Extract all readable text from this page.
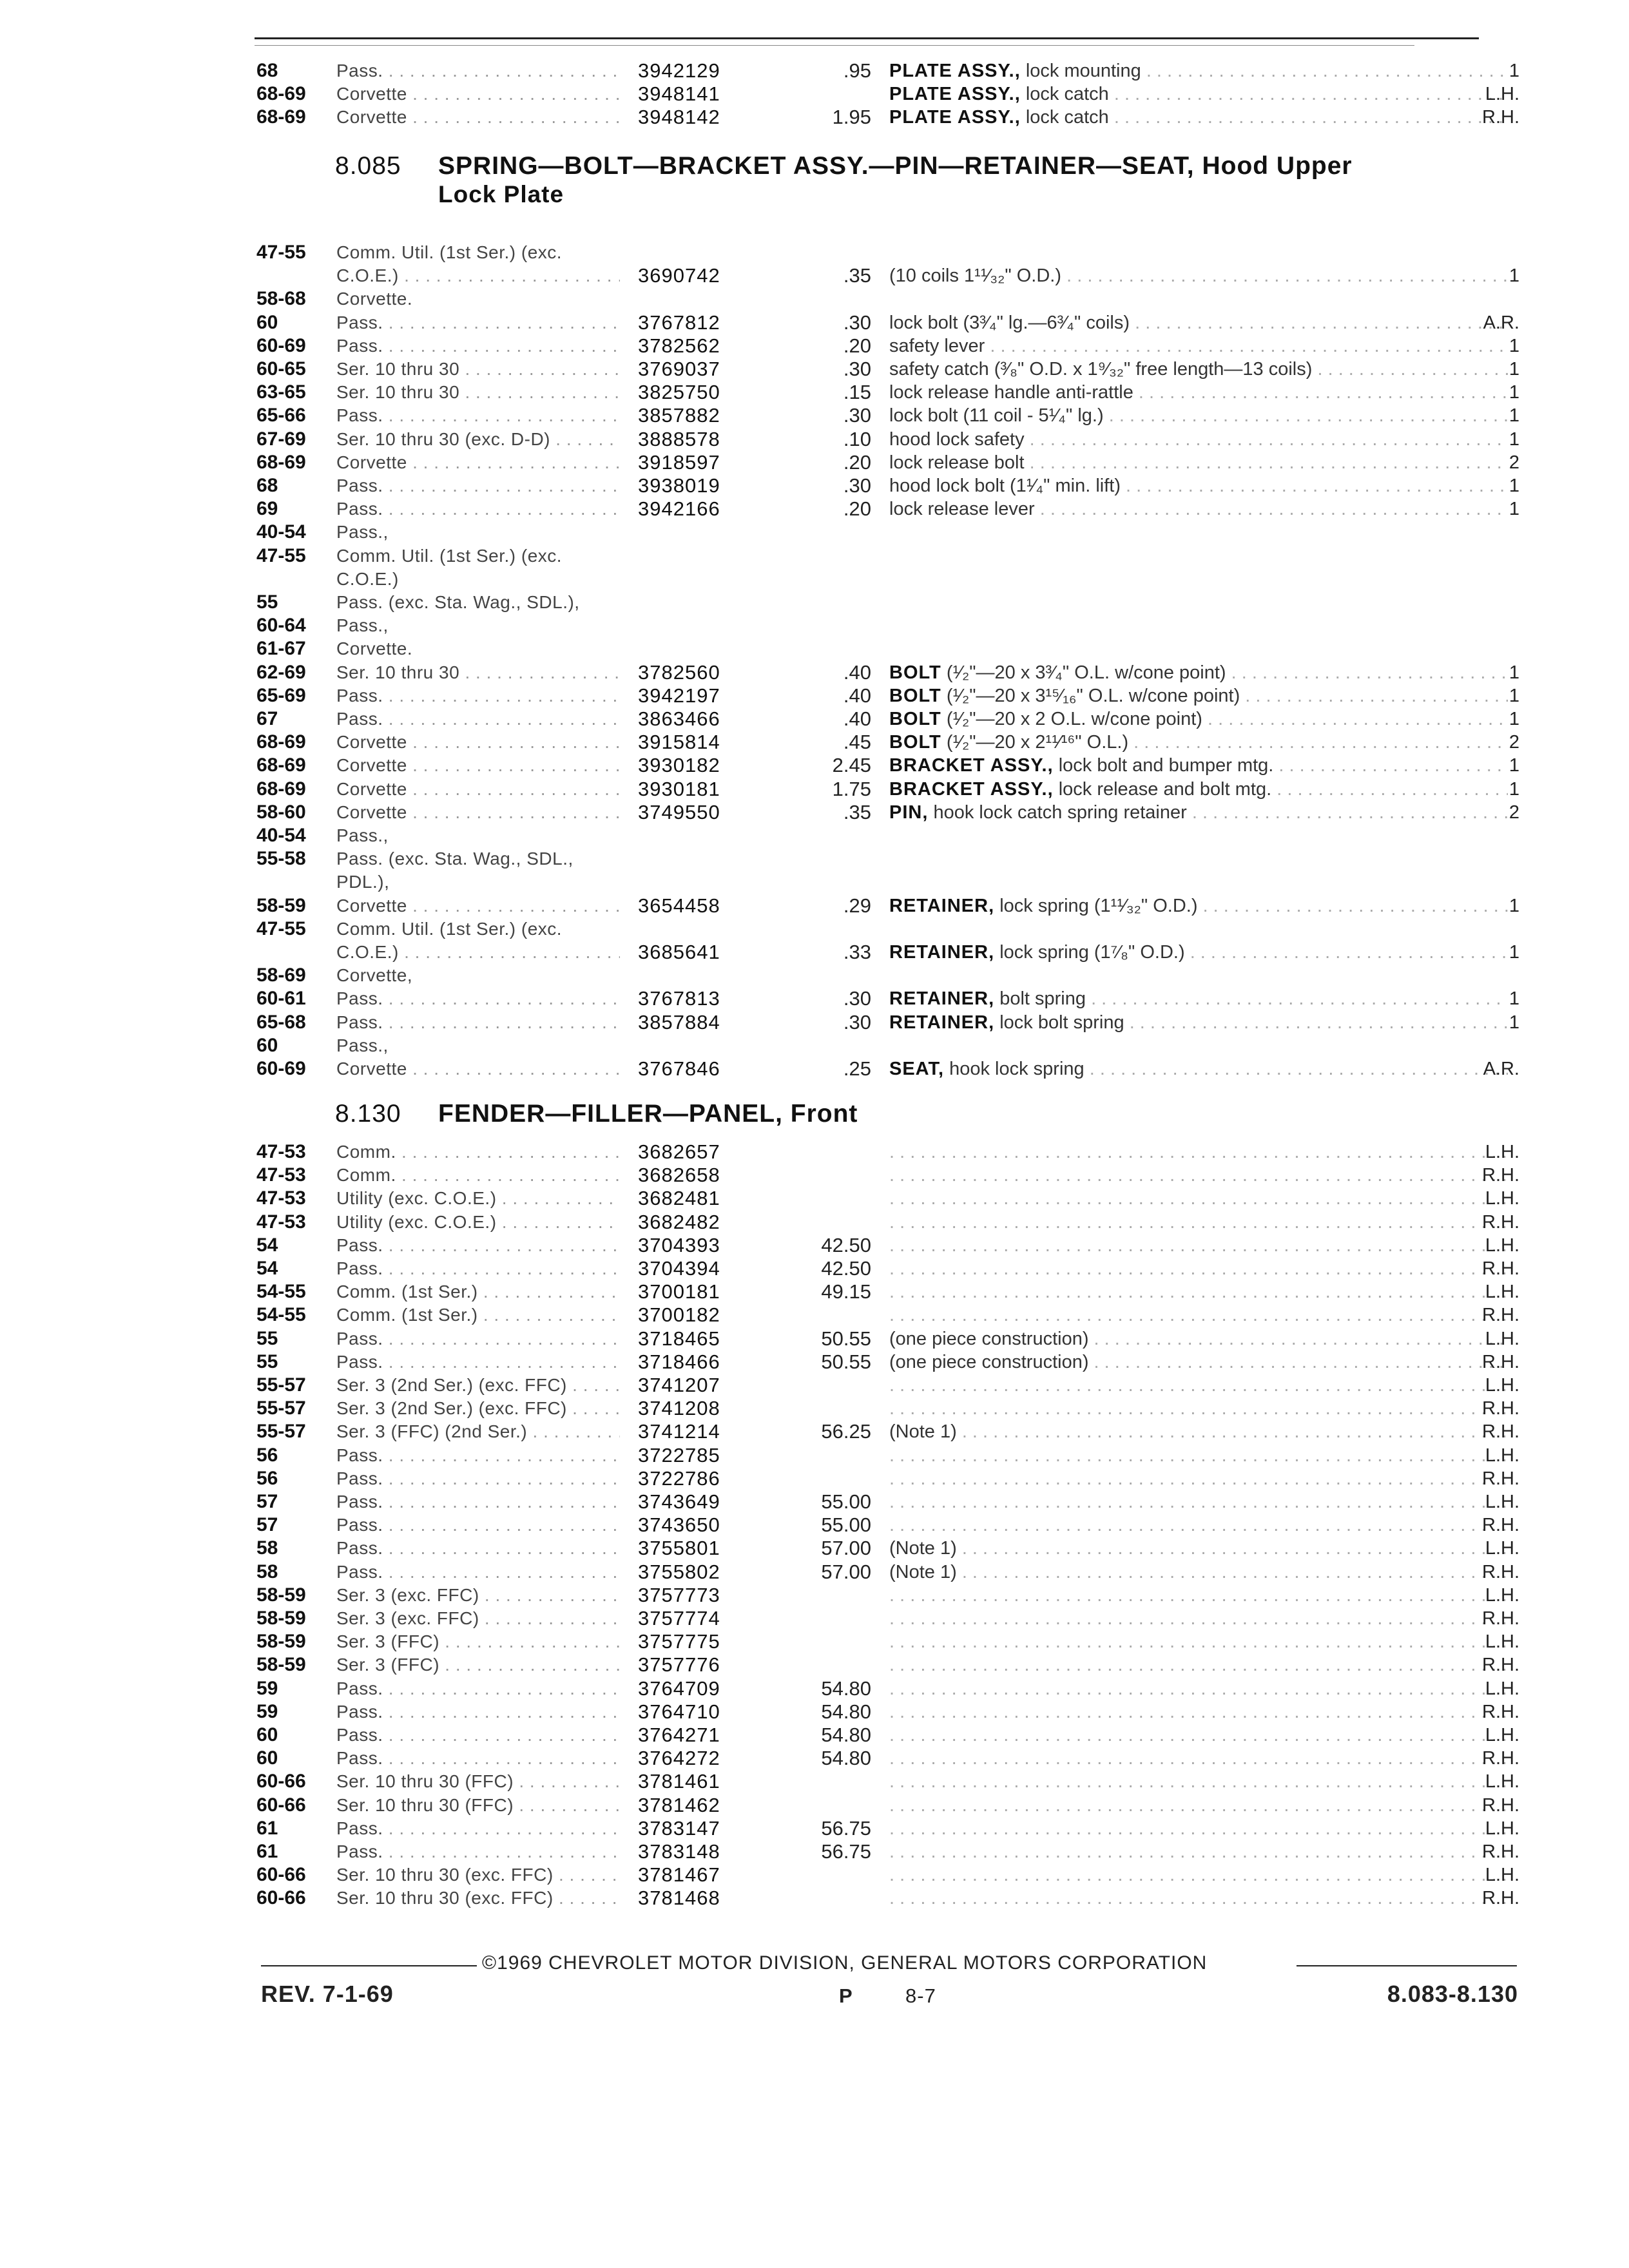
68	Pass. . . .	3942129	.95 PLATE ASSY., lock mounting . . .	1
68-69 Corvette . . .	3948141	PLATE ASSY., lock catch . . .	L.H.
68-69 Corvette . . .	3948142	1.95 PLATE ASSY., lock catch . . .	R.H.
8.085 SPRING—BOLT—BRACKET ASSY.—PIN—RETAINER—SEAT, Hood Upper
Lock Plate
47-55 Comm. Util. (1st Ser.) (exc.
C.O.E.) . . .	3690742	.35 (10 coils 1¹¹⁄₃₂" O.D.) . . .	1
58-68 Corvette.
60	Pass. . . .	3767812	.30 lock bolt (3³⁄₄" lg.—6³⁄₄" coils) . . .	A.R.
60-69 Pass. . . .	3782562	.20 safety lever . . .	1
60-65 Ser. 10 thru 30 . . .	3769037	.30 safety catch (³⁄₈" O.D. x 1⁹⁄₃₂" free length—13 coils) . . .	1
63-65 Ser. 10 thru 30 . . .	3825750	.15 lock release handle anti-rattle . . .	1
65-66 Pass. . . .	3857882	.30 lock bolt (11 coil - 5¹⁄₄" lg.) . . .	1
67-69 Ser. 10 thru 30 (exc. D-D) . . .	3888578	.10 hood lock safety . . .	1
68-69 Corvette . . .	3918597	.20 lock release bolt . . .	2
68	Pass. . . .	3938019	.30 hood lock bolt (1¹⁄₄" min. lift) . . .	1
69	Pass. . . .	3942166	.20 lock release lever . . .	1
40-54 Pass.,
47-55 Comm. Util. (1st Ser.) (exc.
C.O.E.)
55	Pass. (exc. Sta. Wag., SDL.),
60-64 Pass.,
61-67 Corvette.
62-69 Ser. 10 thru 30 . . .	3782560	.40 BOLT (¹⁄₂"—20 x 3³⁄₄" O.L. w/cone point) . . .	1
65-69 Pass. . . .	3942197	.40 BOLT (¹⁄₂"—20 x 3¹⁵⁄₁₆" O.L. w/cone point) . . .	1
67	Pass. . . .	3863466	.40 BOLT (¹⁄₂"—20 x 2 O.L. w/cone point) . . .	1
68-69 Corvette . . .	3915814	.45 BOLT (¹⁄₂"—20 x 2¹¹⁄¹⁶" O.L.) . . .	2
68-69 Corvette . . .	3930182	2.45 BRACKET ASSY., lock bolt and bumper mtg. . . .	1
68-69 Corvette . . .	3930181	1.75 BRACKET ASSY., lock release and bolt mtg. . . .	1
58-60 Corvette . . .	3749550	.35 PIN, hook lock catch spring retainer . . .	2
40-54 Pass.,
55-58 Pass. (exc. Sta. Wag., SDL.,
PDL.),
58-59 Corvette . . .	3654458	.29 RETAINER, lock spring (1¹¹⁄₃₂" O.D.) . . .	1
47-55 Comm. Util. (1st Ser.) (exc.
C.O.E.) . . .	3685641	.33 RETAINER, lock spring (1⁷⁄₈" O.D.) . . .	1
58-69 Corvette,
60-61 Pass. . . .	3767813	.30 RETAINER, bolt spring . . .	1
65-68 Pass. . . .	3857884	.30 RETAINER, lock bolt spring . . .	1
60	Pass.,
60-69 Corvette . . .	3767846	.25 SEAT, hook lock spring . . .	A.R.
8.130 FENDER—FILLER—PANEL, Front
47-53 Comm. . . .	3682657 . . .	L.H.
47-53 Comm. . . .	3682658 . . .	R.H.
47-53 Utility (exc. C.O.E.) . . .	3682481 . . .	L.H.
47-53 Utility (exc. C.O.E.) . . .	3682482 . . .	R.H.
54	Pass. . . .	3704393	42.50 . . .	L.H.
54	Pass. . . .	3704394	42.50 . . .	R.H.
54-55 Comm. (1st Ser.) . . .	3700181	49.15 . . .	L.H.
54-55 Comm. (1st Ser.) . . .	3700182 . . .	R.H.
55	Pass. . . .	3718465	50.55 (one piece construction) . . .	L.H.
55	Pass. . . .	3718466	50.55 (one piece construction) . . .	R.H.
55-57 Ser. 3 (2nd Ser.) (exc. FFC) . . .	3741207 . . .	L.H.
55-57 Ser. 3 (2nd Ser.) (exc. FFC) . . .	3741208 . . .	R.H.
55-57 Ser. 3 (FFC) (2nd Ser.) . . .	3741214	56.25 (Note 1) . . .	R.H.
56	Pass. . . .	3722785 . . .	L.H.
56	Pass. . . .	3722786 . . .	R.H.
57	Pass. . . .	3743649	55.00 . . .	L.H.
57	Pass. . . .	3743650	55.00 . . .	R.H.
58	Pass. . . .	3755801	57.00 (Note 1) . . .	L.H.
58	Pass. . . .	3755802	57.00 (Note 1) . . .	R.H.
58-59 Ser. 3 (exc. FFC) . . .	3757773 . . .	L.H.
58-59 Ser. 3 (exc. FFC) . . .	3757774 . . .	R.H.
58-59 Ser. 3 (FFC) . . .	3757775 . . .	L.H.
58-59 Ser. 3 (FFC) . . .	3757776 . . .	R.H.
59	Pass. . . .	3764709	54.80 . . .	L.H.
59	Pass. . . .	3764710	54.80 . . .	R.H.
60	Pass. . . .	3764271	54.80 . . .	L.H.
60	Pass. . . .	3764272	54.80 . . .	R.H.
60-66 Ser. 10 thru 30 (FFC) . . .	3781461 . . .	L.H.
60-66 Ser. 10 thru 30 (FFC) . . .	3781462 . . .	R.H.
61	Pass. . . .	3783147	56.75 . . .	L.H.
61	Pass. . . .	3783148	56.75 . . .	R.H.
60-66 Ser. 10 thru 30 (exc. FFC) . . .	3781467 . . .	L.H.
60-66 Ser. 10 thru 30 (exc. FFC) . . .	3781468 . . .	R.H.
©1969 CHEVROLET MOTOR DIVISION, GENERAL MOTORS CORPORATION
REV. 7-1-69	P	8-7	8.083-8.130
